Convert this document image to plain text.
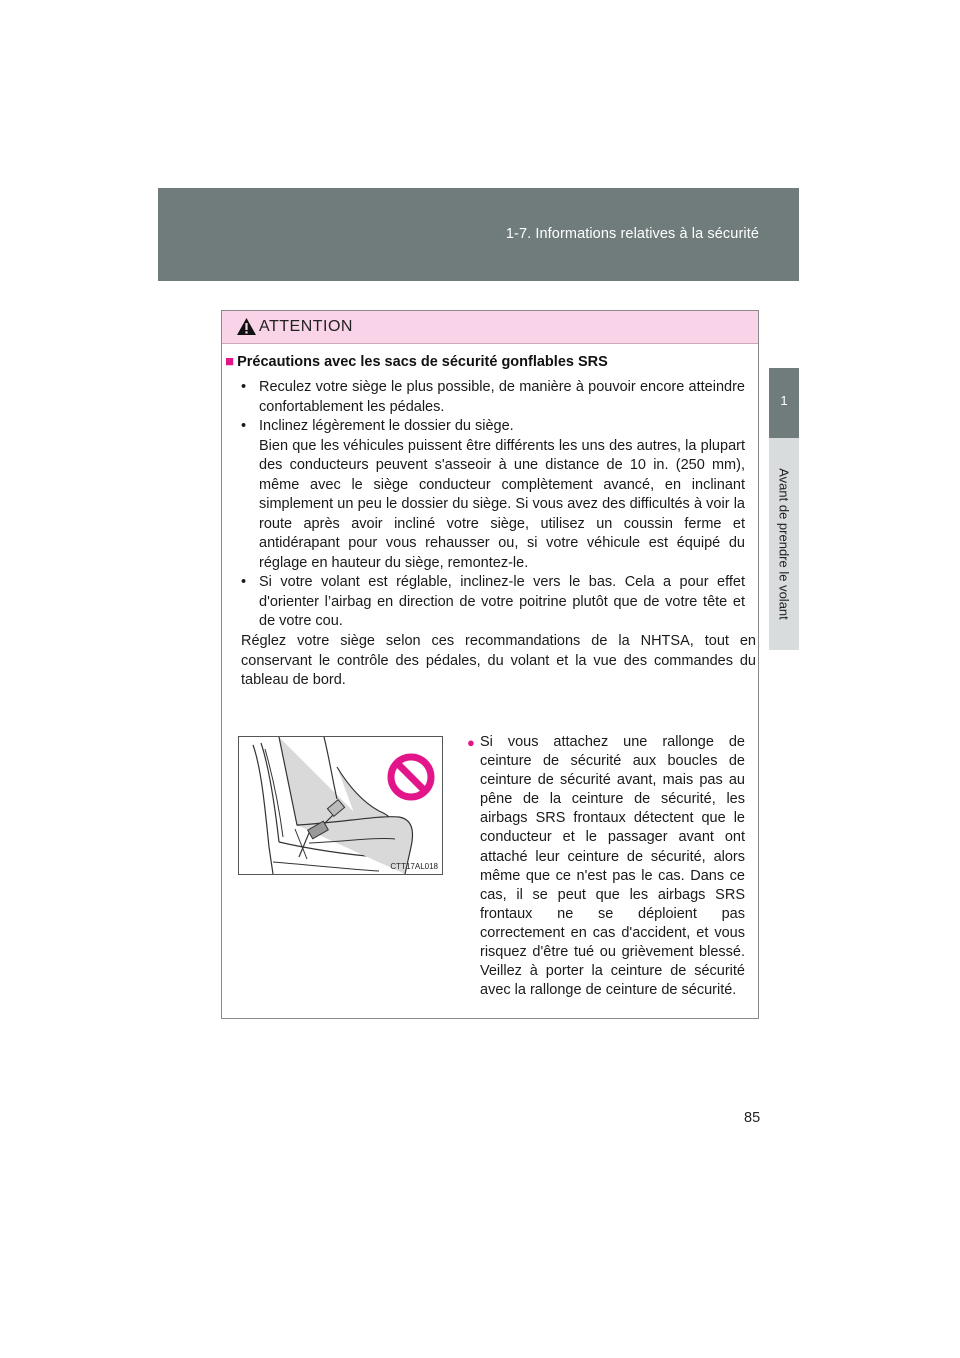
1-7. Informations relatives à la sécurité
1
Avant de prendre le volant
ATTENTION
■ Précautions avec les sacs de sécurité gonflables SRS
• Reculez votre siège le plus possible, de manière à pouvoir encore atteindre confortablement les pédales.
• Inclinez légèrement le dossier du siège.
Bien que les véhicules puissent être différents les uns des autres, la plupart des conducteurs peuvent s'asseoir à une distance de 10 in. (250 mm), même avec le siège conducteur complètement avancé, en inclinant simplement un peu le dossier du siège. Si vous avez des difficultés à voir la route après avoir incliné votre siège, utilisez un coussin ferme et antidérapant pour vous rehausser ou, si votre véhicule est équipé du réglage en hauteur du siège, remontez-le.
• Si votre volant est réglable, inclinez-le vers le bas. Cela a pour effet d'orienter l’airbag en direction de votre poitrine plutôt que de votre tête et de votre cou.

Réglez votre siège selon ces recommandations de la NHTSA, tout en conservant le contrôle des pédales, du volant et la vue des commandes du tableau de bord.

CTT17AL018

● Si vous attachez une rallonge de ceinture de sécurité aux boucles de ceinture de sécurité avant, mais pas au pêne de la ceinture de sécurité, les airbags SRS frontaux détectent que le conducteur et le passager avant ont attaché leur ceinture de sécurité, alors même que ce n'est pas le cas. Dans ce cas, il se peut que les airbags SRS frontaux ne se déploient pas correctement en cas d'accident, et vous risquez d'être tué ou grièvement blessé. Veillez à porter la ceinture de sécurité avec la rallonge de ceinture de sécurité.

85
